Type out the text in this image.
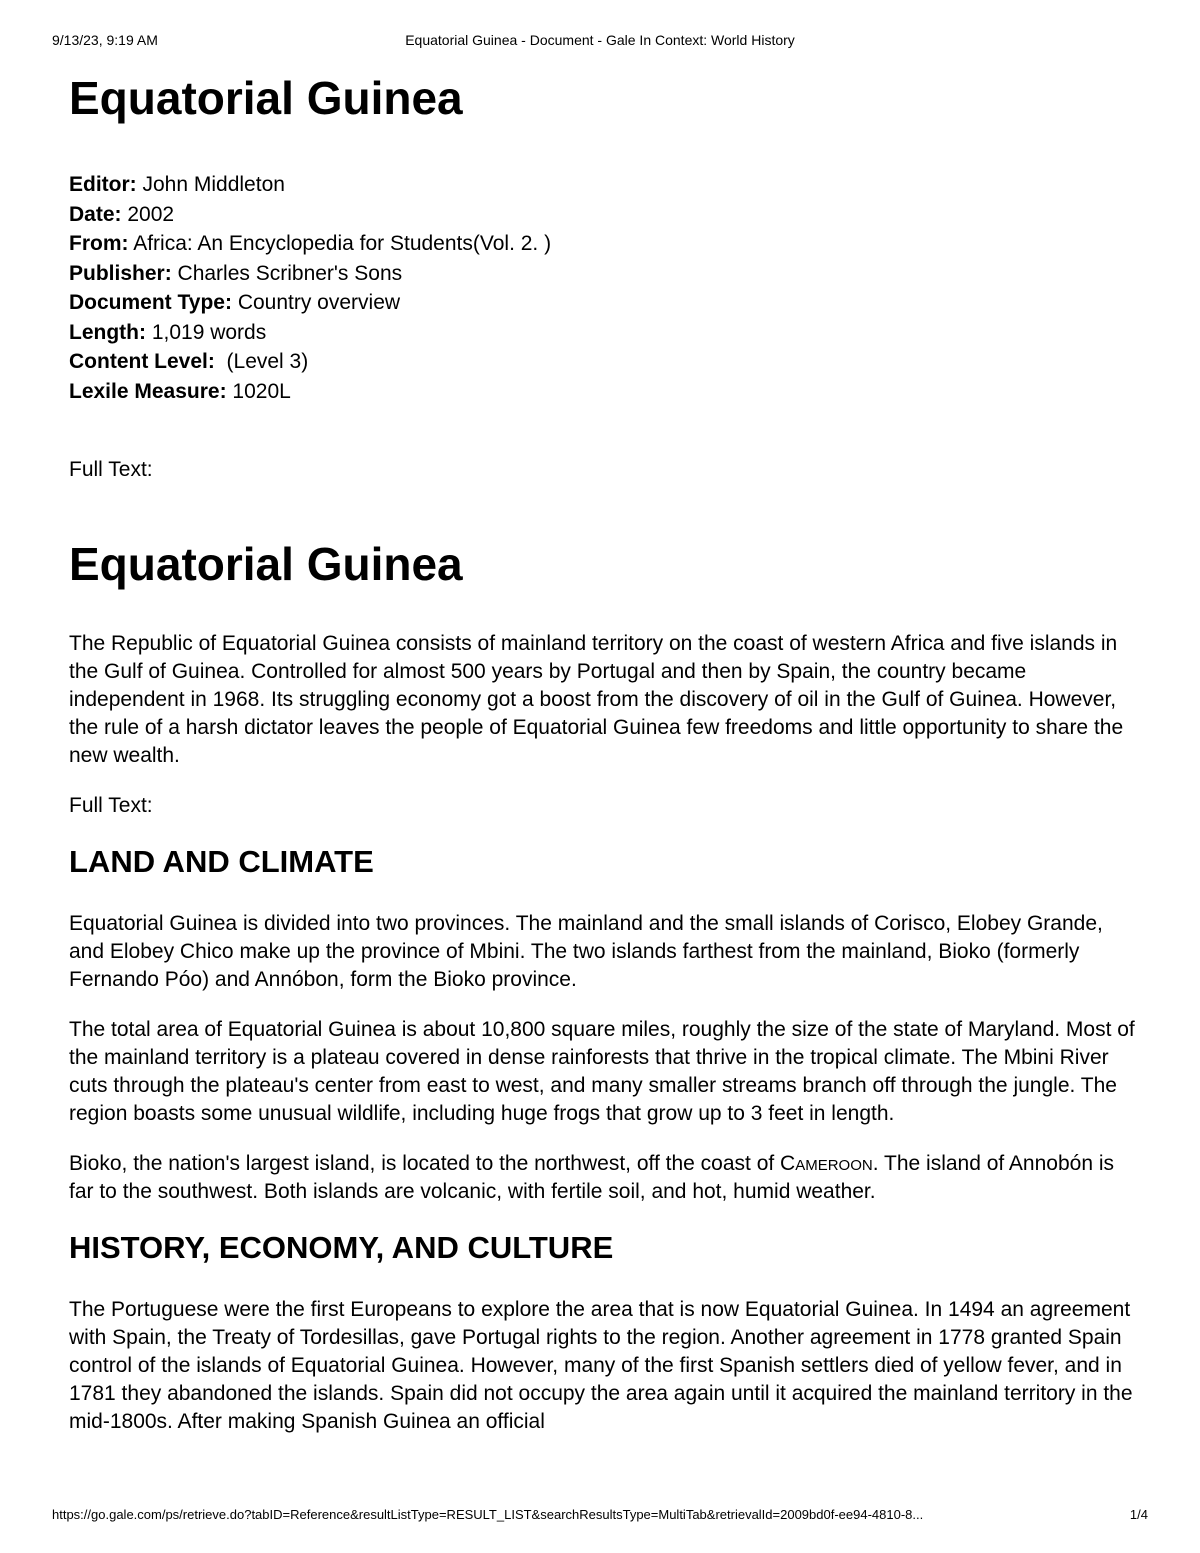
9/13/23, 9:19 AM	Equatorial Guinea - Document - Gale In Context: World History
Equatorial Guinea
Editor: John Middleton
Date: 2002
From: Africa: An Encyclopedia for Students(Vol. 2. )
Publisher: Charles Scribner's Sons
Document Type: Country overview
Length: 1,019 words
Content Level: (Level 3)
Lexile Measure: 1020L
Full Text:
Equatorial Guinea

The Republic of Equatorial Guinea consists of mainland territory on the coast of western Africa and five islands in the Gulf of Guinea. Controlled for almost 500 years by Portugal and then by Spain, the country became independent in 1968. Its struggling economy got a boost from the discovery of oil in the Gulf of Guinea. However, the rule of a harsh dictator leaves the people of Equatorial Guinea few freedoms and little opportunity to share the new wealth.

Full Text:
LAND AND CLIMATE

Equatorial Guinea is divided into two provinces. The mainland and the small islands of Corisco, Elobey Grande, and Elobey Chico make up the province of Mbini. The two islands farthest from the mainland, Bioko (formerly Fernando Póo) and Annóbon, form the Bioko province.

The total area of Equatorial Guinea is about 10,800 square miles, roughly the size of the state of Maryland. Most of the mainland territory is a plateau covered in dense rainforests that thrive in the tropical climate. The Mbini River cuts through the plateau's center from east to west, and many smaller streams branch off through the jungle. The region boasts some unusual wildlife, including huge frogs that grow up to 3 feet in length.

Bioko, the nation's largest island, is located to the northwest, off the coast of Cameroon. The island of Annobón is far to the southwest. Both islands are volcanic, with fertile soil, and hot, humid weather.

HISTORY, ECONOMY, AND CULTURE

The Portuguese were the first Europeans to explore the area that is now Equatorial Guinea. In 1494 an agreement with Spain, the Treaty of Tordesillas, gave Portugal rights to the region. Another agreement in 1778 granted Spain control of the islands of Equatorial Guinea. However, many of the first Spanish settlers died of yellow fever, and in 1781 they abandoned the islands. Spain did not occupy the area again until it acquired the mainland territory in the mid-1800s. After making Spanish Guinea an official

https://go.gale.com/ps/retrieve.do?tabID=Reference&resultListType=RESULT_LIST&searchResultsType=MultiTab&retrievalId=2009bd0f-ee94-4810-8...	1/4
